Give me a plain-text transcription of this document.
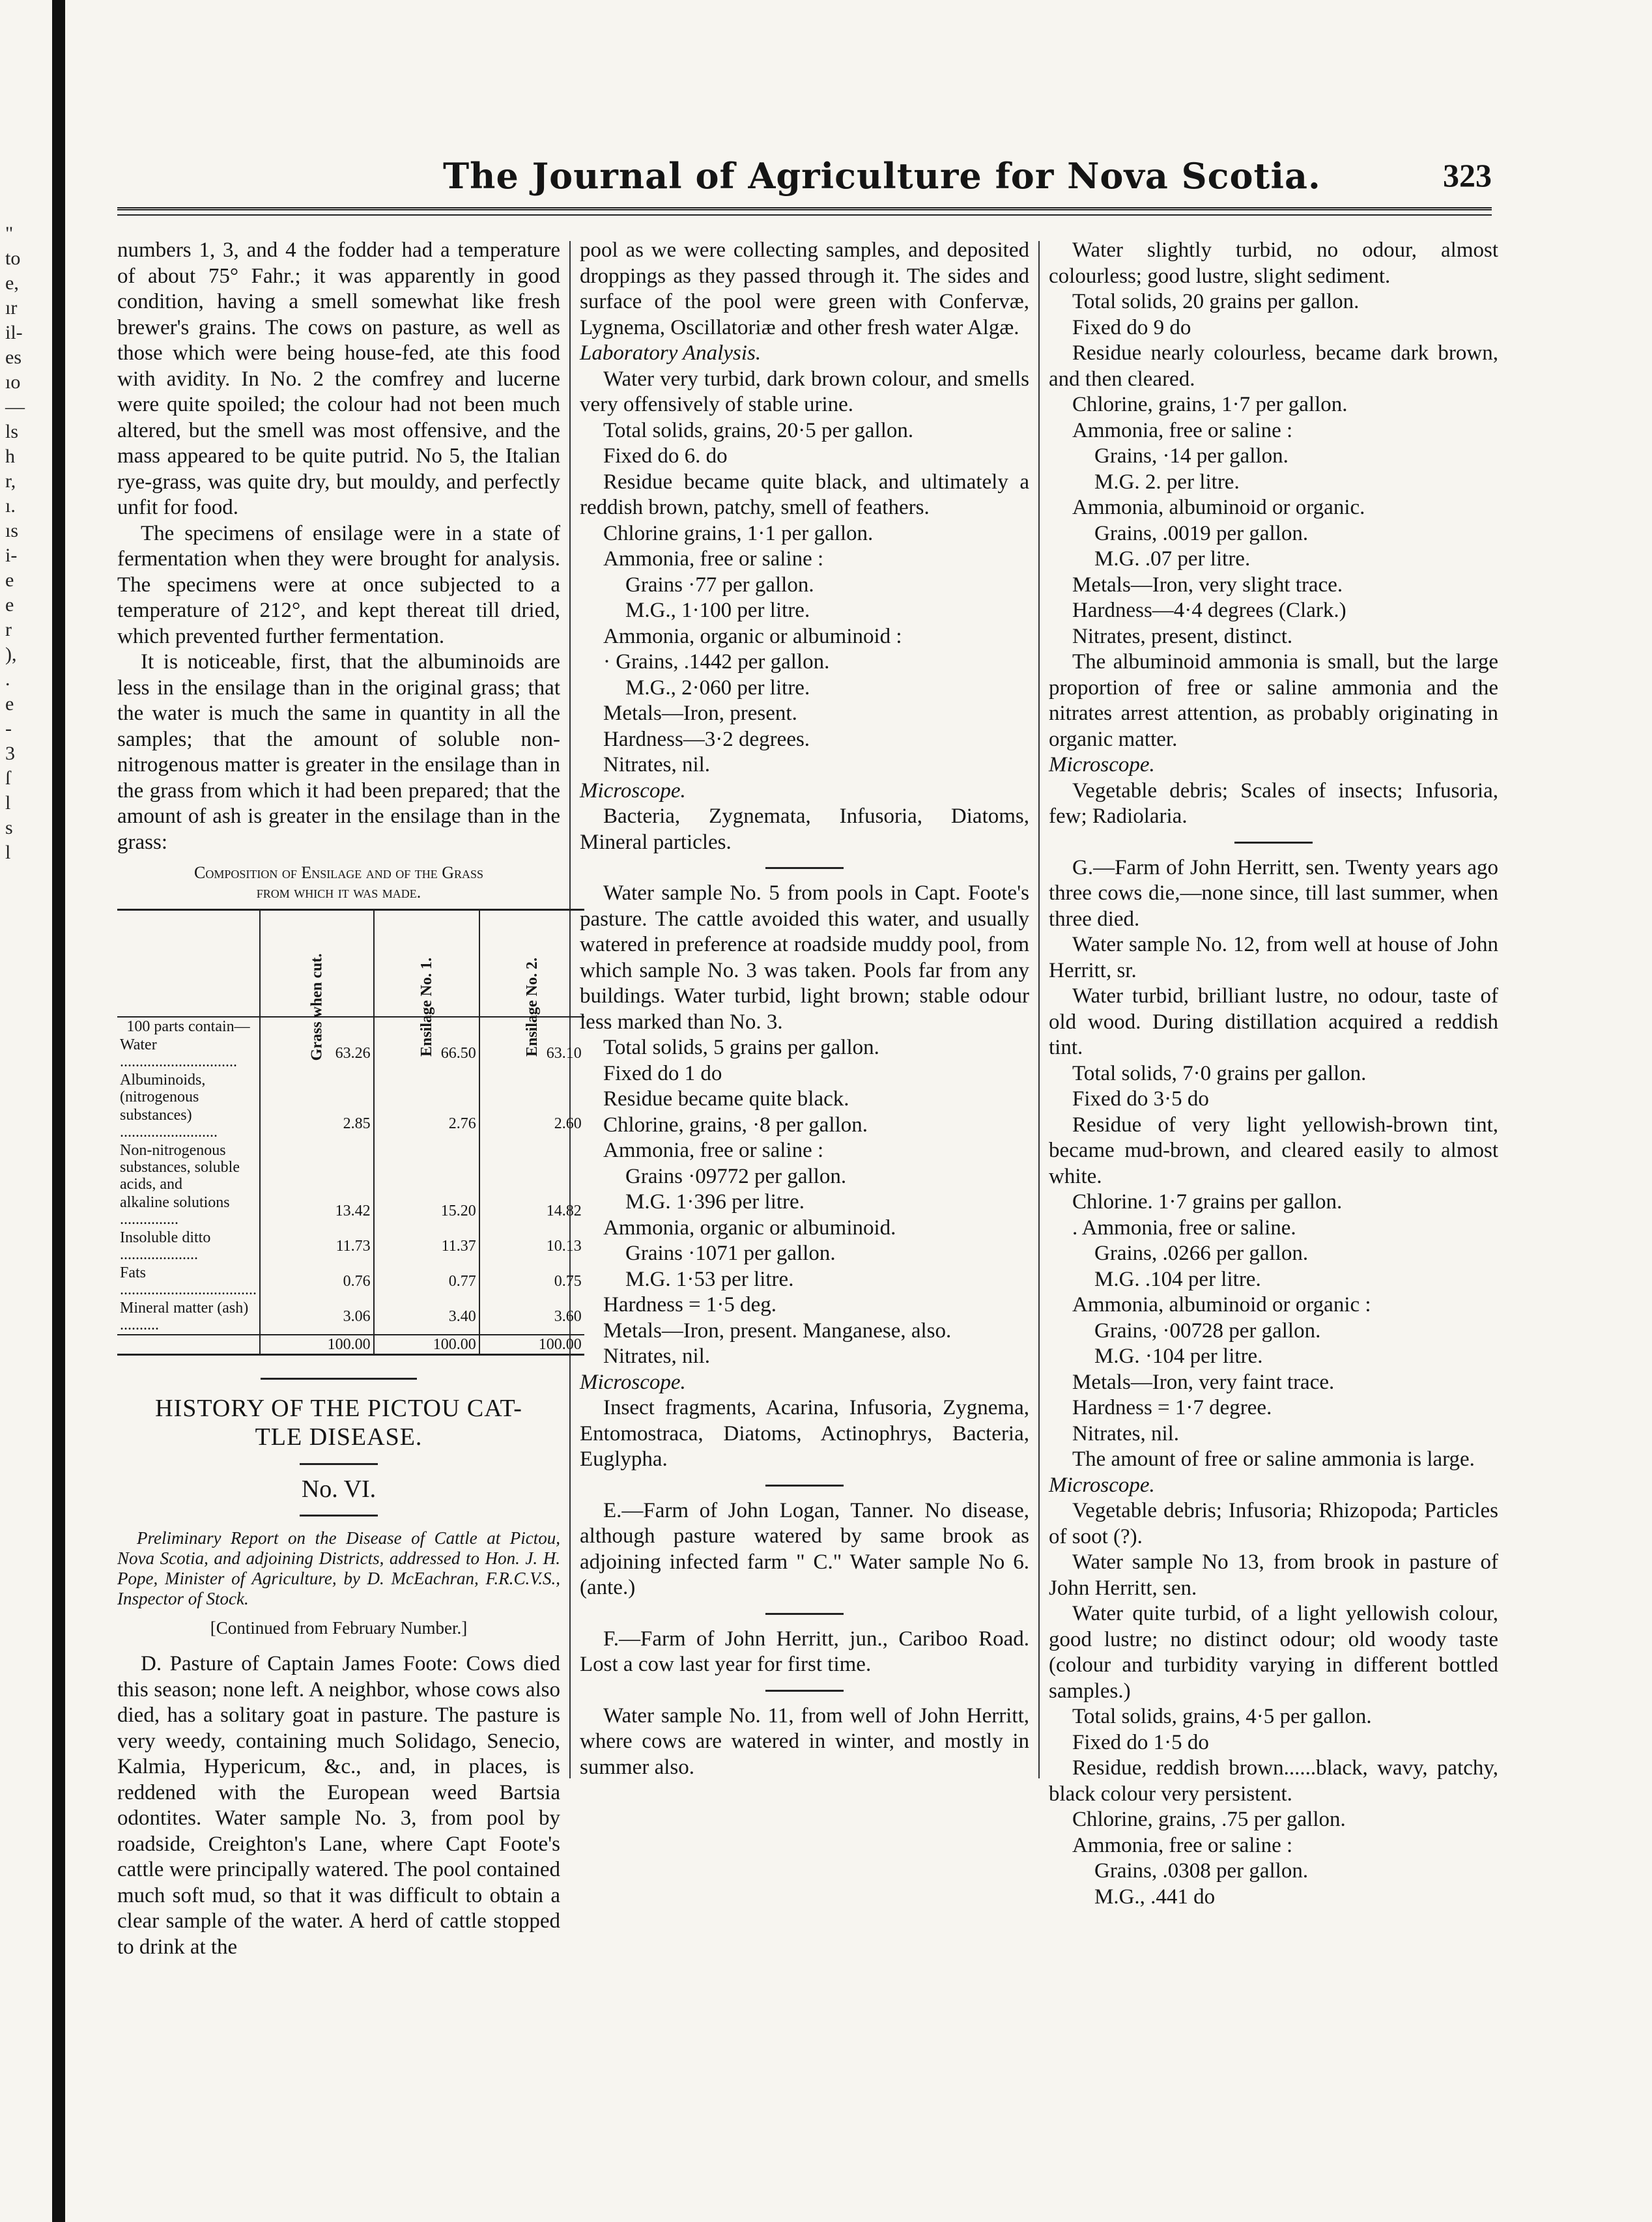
"
to
e,
ır
il-
es
ıo
—
ls
h
r,
ı.
ıs
i-
e
e
r
),
.
e
-
3
ſ
l
s
l
The Journal of Agriculture for Nova Scotia.	323

numbers 1, 3, and 4 the fodder had a temperature of about 75° Fahr.; it was apparently in good condition, having a smell somewhat like fresh brewer's grains. The cows on pasture, as well as those which were being house-fed, ate this food with avidity. In No. 2 the comfrey and lucerne were quite spoiled; the colour had not been much altered, but the smell was most offensive, and the mass appeared to be quite putrid. No 5, the Italian rye-grass, was quite dry, but mouldy, and perfectly unfit for food.

The specimens of ensilage were in a state of fermentation when they were brought for analysis. The specimens were at once subjected to a temperature of 212°, and kept thereat till dried, which prevented further fermentation.

It is noticeable, first, that the albuminoids are less in the ensilage than in the original grass; that the water is much the same in quantity in all the samples; that the amount of soluble non-nitrogenous matter is greater in the ensilage than in the grass from which it had been prepared; that the amount of ash is greater in the ensilage than in the grass:

Composition of Ensilage and of the Grass
from which it was made.
	Grass when cut.	Ensilage No. 1.	Ensilage No. 2.
100 parts contain—			
Water ..............................	63.26	66.50	63.10
Albuminoids, (nitrogenous			
substances) .........................	2.85	2.76	2.60
Non-nitrogenous substances, soluble acids, and			
alkaline solutions ...............	13.42	15.20	14.82
Insoluble ditto ....................	11.73	11.37	10.13
Fats ...................................	0.76	0.77	0.75
Mineral matter (ash) ..........	3.06	3.40	3.60
	100.00	100.00	100.00
HISTORY OF THE PICTOU CAT-
TLE DISEASE.
No. VI.

Preliminary Report on the Disease of Cattle at Pictou, Nova Scotia, and adjoining Districts, addressed to Hon. J. H. Pope, Minister of Agriculture, by D. McEachran, F.R.C.V.S., Inspector of Stock.

[Continued from February Number.]

D. Pasture of Captain James Foote: Cows died this season; none left. A neighbor, whose cows also died, has a solitary goat in pasture. The pasture is very weedy, containing much Solidago, Senecio, Kalmia, Hypericum, &c., and, in places, is reddened with the European weed Bartsia odontites. Water sample No. 3, from pool by roadside, Creighton's Lane, where Capt Foote's cattle were principally watered. The pool contained much soft mud, so that it was difficult to obtain a clear sample of the water. A herd of cattle stopped to drink at the

pool as we were collecting samples, and deposited droppings as they passed through it. The sides and surface of the pool were green with Confervæ, Lygnema, Oscillatoriæ and other fresh water Algæ.

Laboratory Analysis.

Water very turbid, dark brown colour, and smells very offensively of stable urine.

Total solids, grains, 20·5 per gallon.
Fixed do 6. do

Residue became quite black, and ultimately a reddish brown, patchy, smell of feathers.

Chlorine grains, 1·1 per gallon.
Ammonia, free or saline :
Grains ·77 per gallon.
M.G., 1·100 per litre.
Ammonia, organic or albuminoid :
· Grains, .1442 per gallon.
M.G., 2·060 per litre.
Metals—Iron, present.
Hardness—3·2 degrees.
Nitrates, nil.

Microscope.

Bacteria, Zygnemata, Infusoria, Diatoms, Mineral particles.

Water sample No. 5 from pools in Capt. Foote's pasture. The cattle avoided this water, and usually watered in preference at roadside muddy pool, from which sample No. 3 was taken. Pools far from any buildings. Water turbid, light brown; stable odour less marked than No. 3.

Total solids, 5 grains per gallon.
Fixed do 1 do
Residue became quite black.
Chlorine, grains, ·8 per gallon.
Ammonia, free or saline :
Grains ·09772 per gallon.
M.G. 1·396 per litre.
Ammonia, organic or albuminoid.
Grains ·1071 per gallon.
M.G. 1·53 per litre.
Hardness = 1·5 deg.
Metals—Iron, present. Manganese, also.
Nitrates, nil.

Microscope.

Insect fragments, Acarina, Infusoria, Zygnema, Entomostraca, Diatoms, Actinophrys, Bacteria, Euglypha.

E.—Farm of John Logan, Tanner. No disease, although pasture watered by same brook as adjoining infected farm " C." Water sample No 6. (ante.)

F.—Farm of John Herritt, jun., Cariboo Road. Lost a cow last year for first time.

Water sample No. 11, from well of John Herritt, where cows are watered in winter, and mostly in summer also.

Water slightly turbid, no odour, almost colourless; good lustre, slight sediment.

Total solids, 20 grains per gallon.
Fixed do 9 do

Residue nearly colourless, became dark brown, and then cleared.

Chlorine, grains, 1·7 per gallon.
Ammonia, free or saline :
Grains, ·14 per gallon.
M.G. 2. per litre.
Ammonia, albuminoid or organic.
Grains, .0019 per gallon.
M.G. .07 per litre.
Metals—Iron, very slight trace.
Hardness—4·4 degrees (Clark.)
Nitrates, present, distinct.

The albuminoid ammonia is small, but the large proportion of free or saline ammonia and the nitrates arrest attention, as probably originating in organic matter.

Microscope.

Vegetable debris; Scales of insects; Infusoria, few; Radiolaria.

G.—Farm of John Herritt, sen. Twenty years ago three cows die,—none since, till last summer, when three died.

Water sample No. 12, from well at house of John Herritt, sr.

Water turbid, brilliant lustre, no odour, taste of old wood. During distillation acquired a reddish tint.

Total solids, 7·0 grains per gallon.
Fixed do 3·5 do

Residue of very light yellowish-brown tint, became mud-brown, and cleared easily to almost white.

Chlorine. 1·7 grains per gallon.
. Ammonia, free or saline.
Grains, .0266 per gallon.
M.G. .104 per litre.
Ammonia, albuminoid or organic :
Grains, ·00728 per gallon.
M.G. ·104 per litre.
Metals—Iron, very faint trace.
Hardness = 1·7 degree.
Nitrates, nil.

The amount of free or saline ammonia is large.

Microscope.

Vegetable debris; Infusoria; Rhizopoda; Particles of soot (?).

Water sample No 13, from brook in pasture of John Herritt, sen.

Water quite turbid, of a light yellowish colour, good lustre; no distinct odour; old woody taste (colour and turbidity varying in different bottled samples.)

Total solids, grains, 4·5 per gallon.
Fixed do 1·5 do

Residue, reddish brown......black, wavy, patchy, black colour very persistent.

Chlorine, grains, .75 per gallon.
Ammonia, free or saline :
Grains, .0308 per gallon.
M.G., .441 do
